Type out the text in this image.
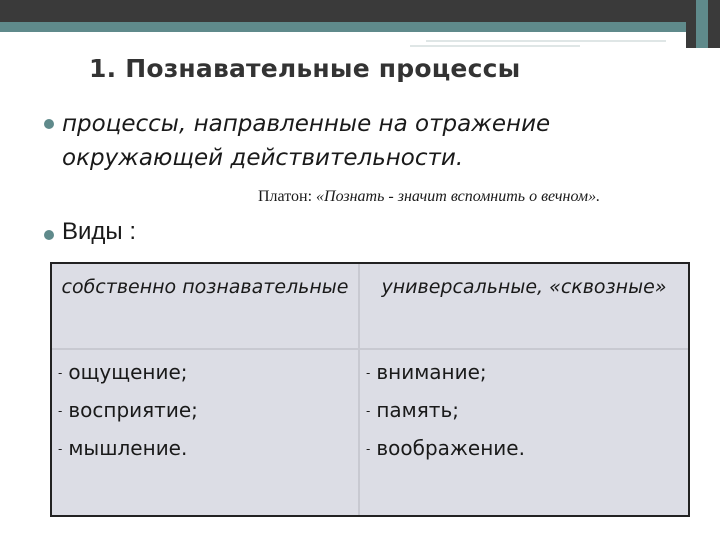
1. Познавательные процессы
процессы, направленные на отражение окружающей действительности.
Платон: «Познать - значит вспомнить о вечном».
Виды :
собственно познавательные	универсальные, «сквозные»
- ощущение;
- восприятие;
- мышление.
- внимание;
- память;
- воображение.
